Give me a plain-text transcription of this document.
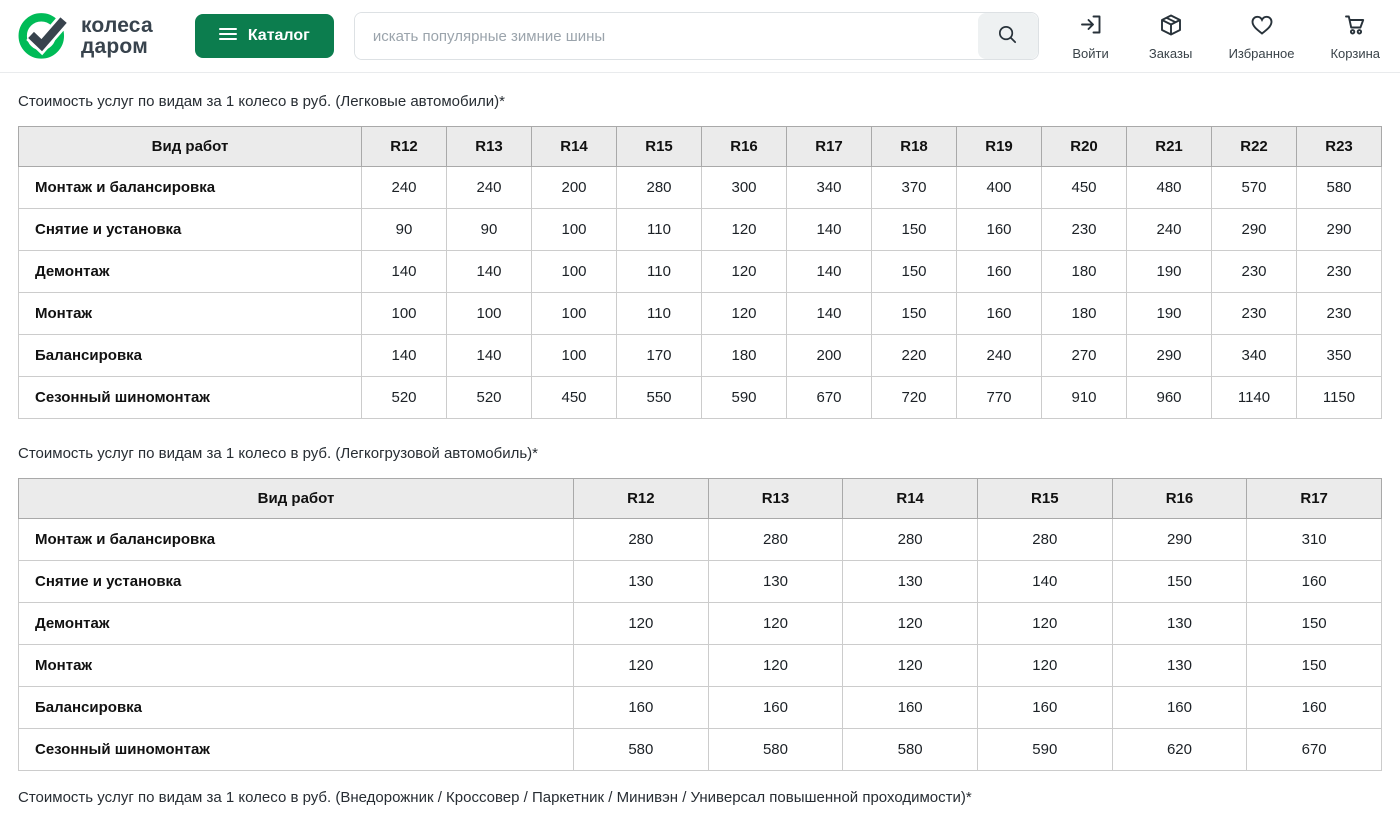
колеса
даром	Каталог
искать популярные зимние шины
Войти	Заказы	Избранное	Корзина
Стоимость услуг по видам за 1 колесо в руб. (Легковые автомобили)*
Вид работ	R12	R13	R14	R15	R16	R17	R18	R19	R20	R21	R22	R23
Монтаж и балансировка	240	240	200	280	300	340	370	400	450	480	570	580
Снятие и установка	90	90	100	110	120	140	150	160	230	240	290	290
Демонтаж	140	140	100	110	120	140	150	160	180	190	230	230
Монтаж	100	100	100	110	120	140	150	160	180	190	230	230
Балансировка	140	140	100	170	180	200	220	240	270	290	340	350
Сезонный шиномонтаж	520	520	450	550	590	670	720	770	910	960	1140	1150
Стоимость услуг по видам за 1 колесо в руб. (Легкогрузовой автомобиль)*
Вид работ	R12	R13	R14	R15	R16	R17
Монтаж и балансировка	280	280	280	280	290	310
Снятие и установка	130	130	130	140	150	160
Демонтаж	120	120	120	120	130	150
Монтаж	120	120	120	120	130	150
Балансировка	160	160	160	160	160	160
Сезонный шиномонтаж	580	580	580	590	620	670
Стоимость услуг по видам за 1 колесо в руб. (Внедорожник / Кроссовер / Паркетник / Минивэн / Универсал повышенной проходимости)*
